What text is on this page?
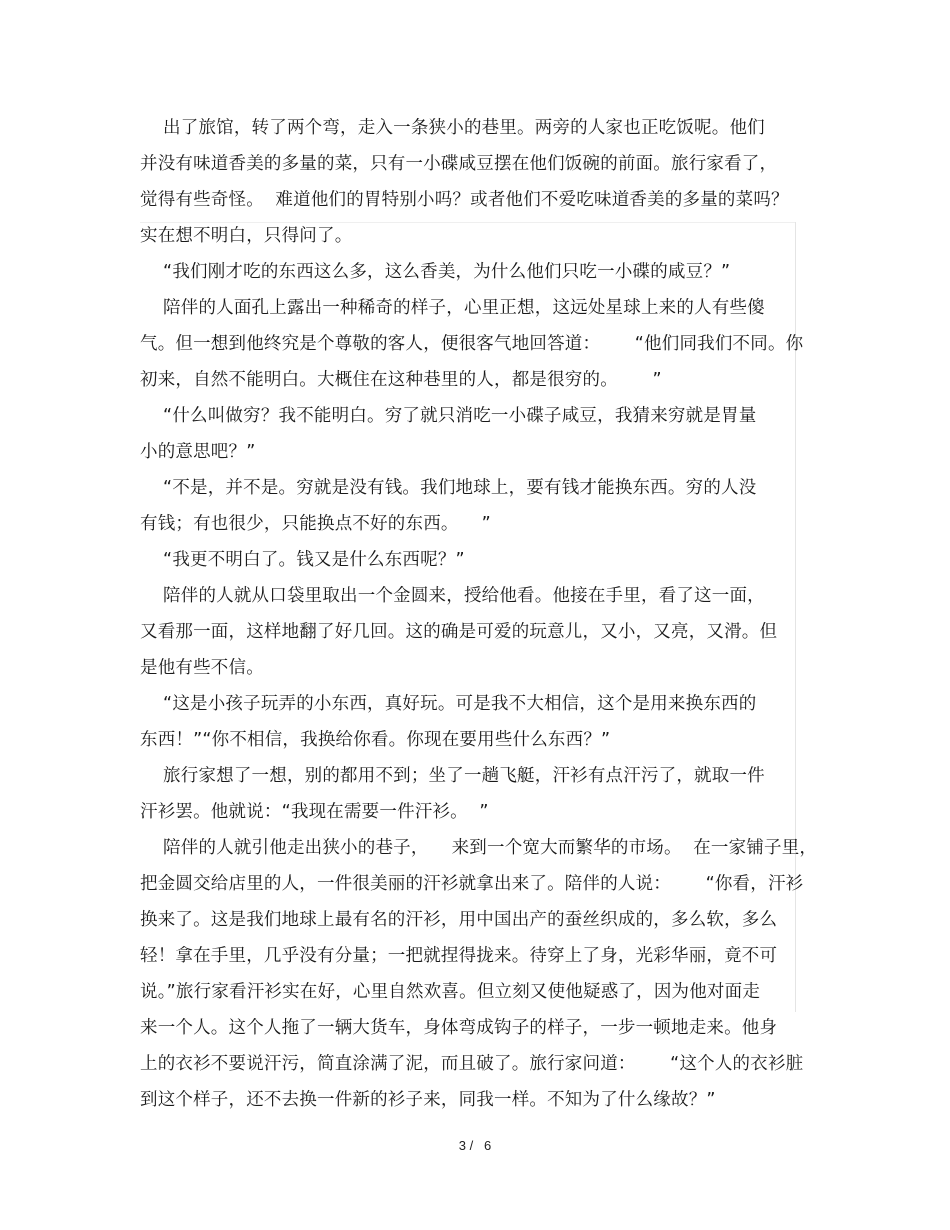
出了旅馆，转了两个弯，走入一条狭小的巷里。两旁的人家也正吃饭呢。他们
并没有味道香美的多量的菜，只有一小碟咸豆摆在他们饭碗的前面。旅行家看了，
觉得有些奇怪。  难道他们的胃特别小吗？或者他们不爱吃味道香美的多量的菜吗？
实在想不明白，只得问了。
“我们刚才吃的东西这么多，这么香美，为什么他们只吃一小碟的咸豆？”
陪伴的人面孔上露出一种稀奇的样子，心里正想，这远处星球上来的人有些傻
气。但一想到他终究是个尊敬的客人，便很客气地回答道：      “他们同我们不同。你
初来，自然不能明白。大概住在这种巷里的人，都是很穷的。      ”
“什么叫做穷？我不能明白。穷了就只消吃一小碟子咸豆，我猜来穷就是胃量
小的意思吧？”
“不是，并不是。穷就是没有钱。我们地球上，要有钱才能换东西。穷的人没
有钱；有也很少，只能换点不好的东西。    ”
“我更不明白了。钱又是什么东西呢？”
陪伴的人就从口袋里取出一个金圆来，授给他看。他接在手里，看了这一面，
又看那一面，这样地翻了好几回。这的确是可爱的玩意儿，又小，又亮，又滑。但
是他有些不信。
“这是小孩子玩弄的小东西，真好玩。可是我不大相信，这个是用来换东西的
东西！”“你不相信，我换给你看。你现在要用些什么东西？”
旅行家想了一想，别的都用不到；坐了一趟飞艇，汗衫有点汗污了，就取一件
汗衫罢。他就说：“我现在需要一件汗衫。  ”
陪伴的人就引他走出狭小的巷子，    来到一个宽大而繁华的市场。  在一家铺子里，
把金圆交给店里的人，一件很美丽的汗衫就拿出来了。陪伴的人说：      “你看，汗衫
换来了。这是我们地球上最有名的汗衫，用中国出产的蚕丝织成的，多么软，多么
轻！拿在手里，几乎没有分量；一把就捏得拢来。待穿上了身，光彩华丽，竟不可
说。”旅行家看汗衫实在好，心里自然欢喜。但立刻又使他疑惑了，因为他对面走
来一个人。这个人拖了一辆大货车，身体弯成钩子的样子，一步一顿地走来。他身
上的衣衫不要说汗污，简直涂满了泥，而且破了。旅行家问道：      “这个人的衣衫脏
到这个样子，还不去换一件新的衫子来，同我一样。不知为了什么缘故？”
3 /   6
